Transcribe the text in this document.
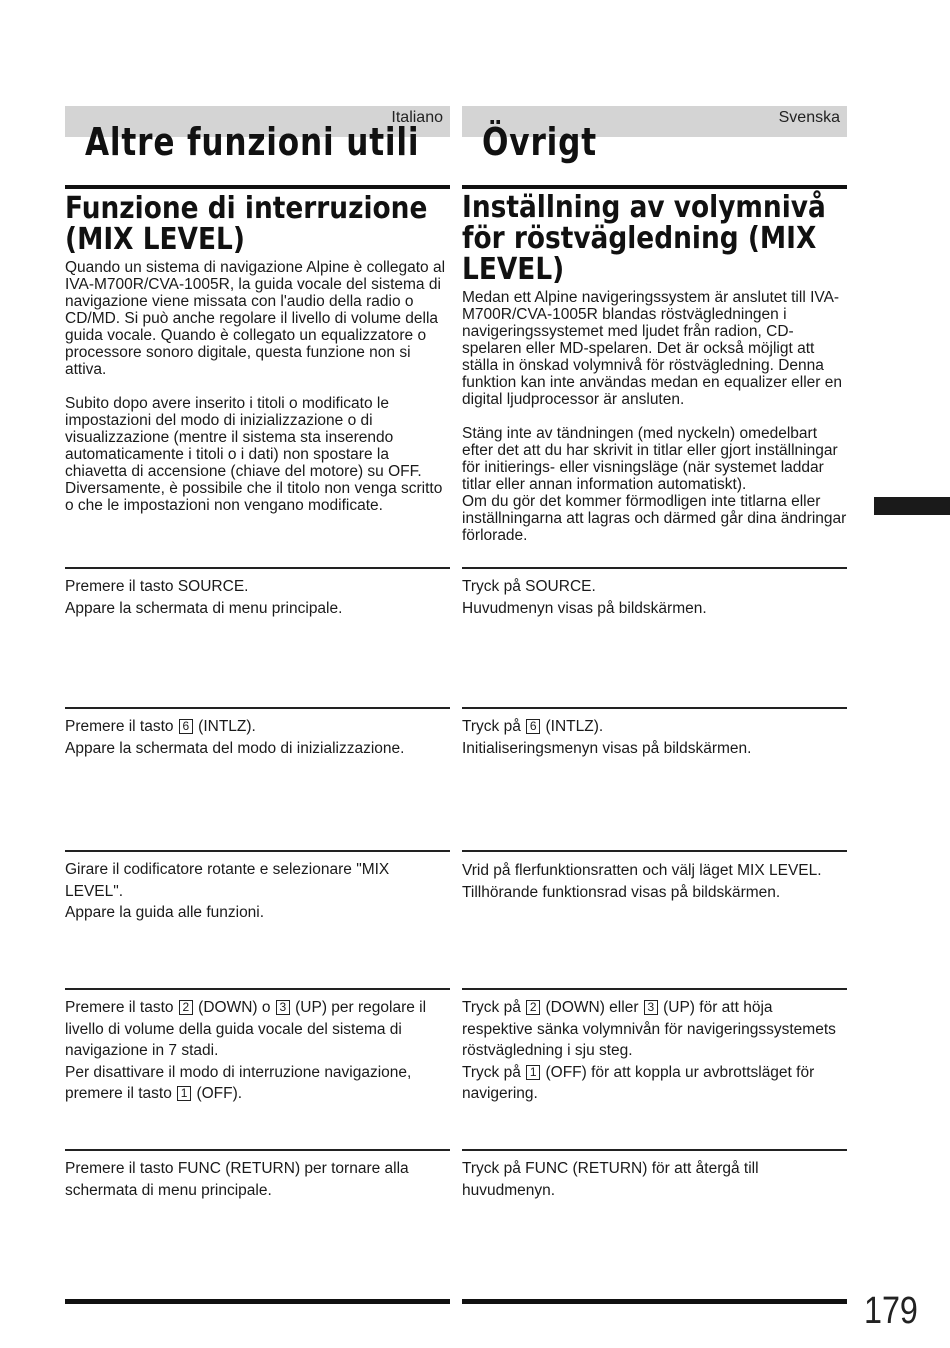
Italiano
Altre funzioni utili
Funzione di interruzione (MIX LEVEL)

Quando un sistema di navigazione Alpine è collegato al IVA-M700R/CVA-1005R, la guida vocale del sistema di navigazione viene missata con l'audio della radio o CD/MD. Si può anche regolare il livello di volume della guida vocale. Quando è collegato un equalizzatore o processore sonoro digitale, questa funzione non si attiva.

Subito dopo avere inserito i titoli o modificato le impostazioni del modo di inizializzazione o di visualizzazione (mentre il sistema sta inserendo automaticamente i titoli o i dati) non spostare la chiavetta di accensione (chiave del motore) su OFF.

Diversamente, è possibile che il titolo non venga scritto o che le impostazioni non vengano modificate.

Premere il tasto SOURCE.

Appare la schermata di menu principale.

Premere il tasto 6 (INTLZ).

Appare la schermata del modo di inizializzazione.

Girare il codificatore rotante e selezionare "MIX LEVEL".

Appare la guida alle funzioni.

Premere il tasto 2 (DOWN) o 3 (UP) per regolare il livello di volume della guida vocale del sistema di navigazione in 7 stadi.

Per disattivare il modo di interruzione navigazione, premere il tasto 1 (OFF).

Premere il tasto FUNC (RETURN) per tornare alla schermata di menu principale.

Svenska
Övrigt
Inställning av volymnivå för röstvägledning (MIX LEVEL)

Medan ett Alpine navigeringssystem är anslutet till IVA-M700R/CVA-1005R blandas röstvägledningen i navigeringssystemet med ljudet från radion, CD-spelaren eller MD-spelaren. Det är också möjligt att ställa in önskad volymnivå för röstvägledning. Denna funktion kan inte användas medan en equalizer eller en digital ljudprocessor är ansluten.

Stäng inte av tändningen (med nyckeln) omedelbart efter det att du har skrivit in titlar eller gjort inställningar för initierings- eller visningsläge (när systemet laddar titlar eller annan information automatiskt).

Om du gör det kommer förmodligen inte titlarna eller inställningarna att lagras och därmed går dina ändringar förlorade.

Tryck på SOURCE.

Huvudmenyn visas på bildskärmen.

Tryck på 6 (INTLZ).

Initialiseringsmenyn visas på bildskärmen.

Vrid på flerfunktionsratten och välj läget MIX LEVEL.

Tillhörande funktionsrad visas på bildskärmen.

Tryck på 2 (DOWN) eller 3 (UP) för att höja respektive sänka volymnivån för navigeringssystemets röstvägledning i sju steg.

Tryck på 1 (OFF) för att koppla ur avbrottsläget för navigering.

Tryck på FUNC (RETURN) för att återgå till huvudmenyn.

179
